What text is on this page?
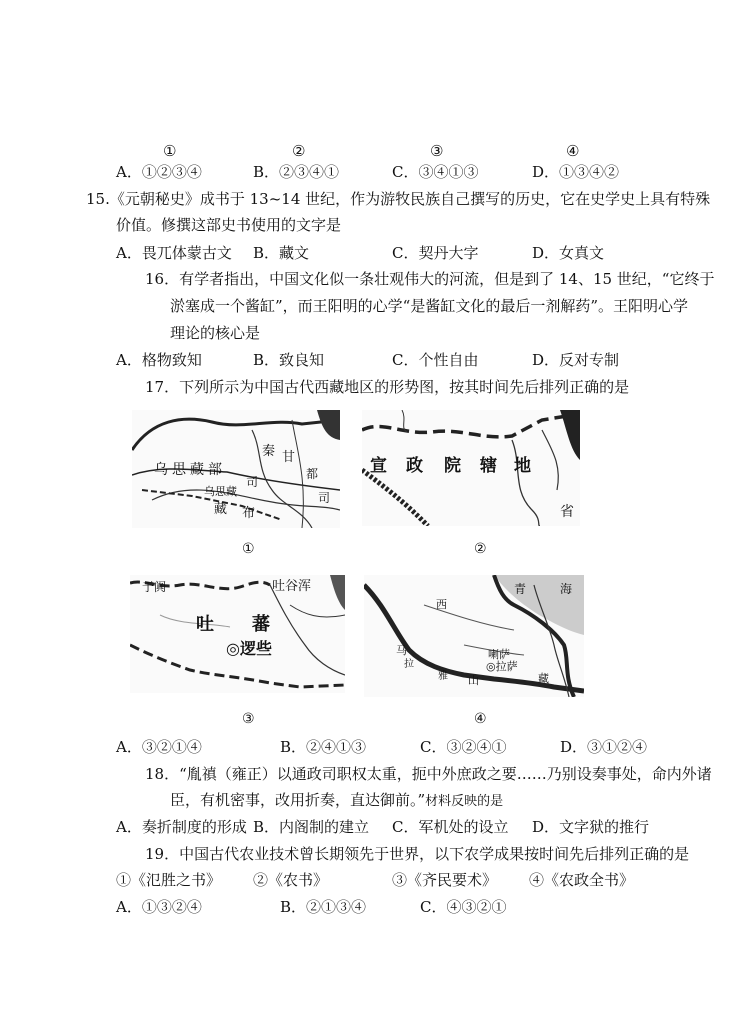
①	②	③	④
A．①②③④	B．②③④①	C．③④①③	D．①③④②
15.《元朝秘史》成书于 13~14 世纪，作为游牧民族自己撰写的历史，它在史学史上具有特殊
价值。修撰这部史书使用的文字是
A．畏兀体蒙古文 B．藏文	C．契丹大字	D．女真文
16．有学者指出，中国文化似一条壮观伟大的河流，但是到了 14、15 世纪，“它终于
淤塞成一个酱缸”，而王阳明的心学“是酱缸文化的最后一剂解药”。王阳明心学
理论的核心是
A．格物致知	B．致良知	C．个性自由	D．反对专制
17．下列所示为中国古代西藏地区的形势图，按其时间先后排列正确的是
乌 思 藏 部
秦 甘
司
乌思藏
藏 布
都
司
①
宣 政 院 辖 地
省
②
于阗	吐谷浑
吐 蕃
◎逻些
③
青	海
西
喇萨
◎拉萨
马
拉
雅 山	藏
④
A．③②①④	B．②④①③	C．③②④①	D．③①②④
18．“胤禛（雍正）以通政司职权太重，扼中外庶政之要……乃别设奏事处，命内外诸
臣，有机密事，改用折奏，直达御前。”材料反映的是
A．奏折制度的形成 B．内阁制的建立 C．军机处的设立 D．文字狱的推行
19．中国古代农业技术曾长期领先于世界，以下农学成果按时间先后排列正确的是
①《氾胜之书》 ②《农书》	③《齐民要术》 ④《农政全书》
A．①③②④	B．②①③④	C．④③②①
